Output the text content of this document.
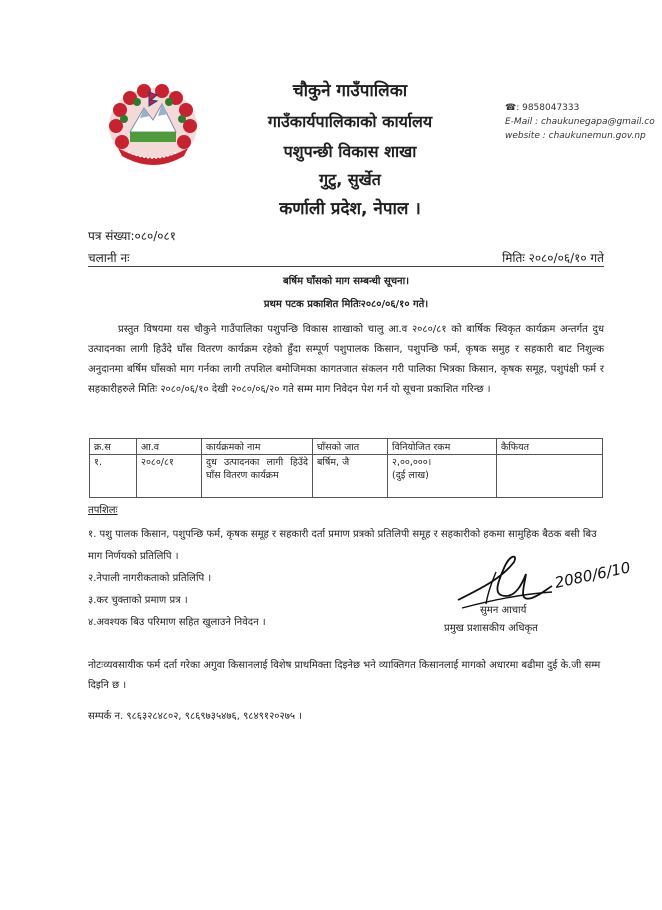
चौकुने गाउँपालिका
गाउँकार्यपालिकाको कार्यालय
पशुपन्छी विकास शाखा
गुटु, सुर्खेत
कर्णाली प्रदेश, नेपाल ।
☎: 9858047333
E-Mail : chaukunegapa@gmail.co
website : chaukunemun.gov.np
पत्र संख्या:०८०/०८१
चलानी नः	मितिः २०८०/०६/१० गते
बर्षिम घाँसको माग सम्बन्धी सूचना।
प्रथम पटक प्रकाशित मितिः२०८०/०६/१० गते।
प्रस्तुत विषयमा यस चौकुने गाउँपालिका पशुपन्छि विकास शाखाको चालु आ.व २०८०/८१ को बार्षिक स्विकृत कार्यक्रम अन्तर्गत दुध उत्पादनका लागी हिउँदे घाँस वितरण कार्यक्रम रहेको हुँदा सम्पूर्ण पशुपालक किसान, पशुपन्छि फर्म, कृषक समुह र सहकारी बाट निशुल्क अनुदानमा बर्षिम घाँसको माग गर्नका लागी तपशिल बमोजिमका कागतजात संकलन गरी पालिका भित्रका किसान, कृषक समूह, पशुपंक्षी फर्म र सहकारीहरुले मितिः २०८०/०६/१० देखी २०८०/०६/२० गते सम्म माग निवेदन पेश गर्न यो सूचना प्रकाशित गरिन्छ ।
क्र.स	आ.व	कार्यक्रमको नाम	घाँसको जात	विनियोजित रकम	कैफियत
१.	२०८०/८१	दुध उत्पादनका लागी हिउँदे घाँस वितरण कार्यक्रम	बर्षिम, जै	२,००,०००।
(दुई लाख)	
तपशिलः
१. पशु पालक किसान, पशुपन्छि फर्म, कृषक समूह र सहकारी दर्ता प्रमाण प्रत्रको प्रतिलिपी समूह र सहकारीको हकमा सामुहिक बैठक बसी बिउ माग निर्णयको प्रतिलिपि ।
२.नेपाली नागरीकताको प्रतिलिपि ।
३.कर चुक्ताको प्रमाण प्रत्र ।
४.अवश्यक बिउ परिमाण सहित खुलाउने निवेदन ।
2080/6/10
सुमन आचार्य
प्रमुख प्रशासकीय अधिकृत
नोटःव्यवसायीक फर्म दर्ता गरेका अगुवा किसानलाई विशेष प्राथमिक्ता दिइनेछ भने व्याक्तिगत किसानलाई मागको अधारमा बढीमा दुई के.जी सम्म दिइनि छ ।
सम्पर्क न. ९८६३२८४८०२, ९८६९७३५४७६, ९८४९१२०२७५ ।
